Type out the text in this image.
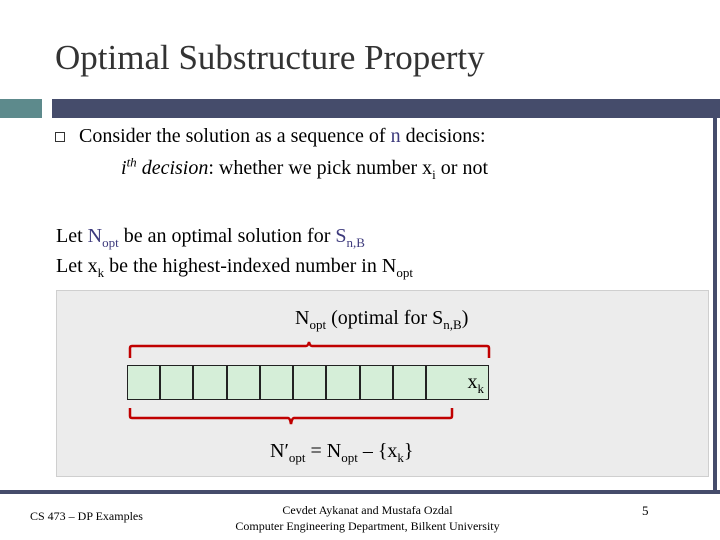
Optimal Substructure Property
Consider the solution as a sequence of n decisions:
$i^{th}$ decision: whether we pick number $x_i$ or not
Let $N_{opt}$ be an optimal solution for $S_{n,B}$
Let $x_k$ be the highest-indexed number in $N_{opt}$
$N_{opt}$ (optimal for $S_{n,B}$)
$x_k$
$N'_{opt} = N_{opt} - \{x_k\}$
CS 473 – DP Examples	Cevdet Aykanat and Mustafa Ozdal
Computer Engineering Department, Bilkent University
5
